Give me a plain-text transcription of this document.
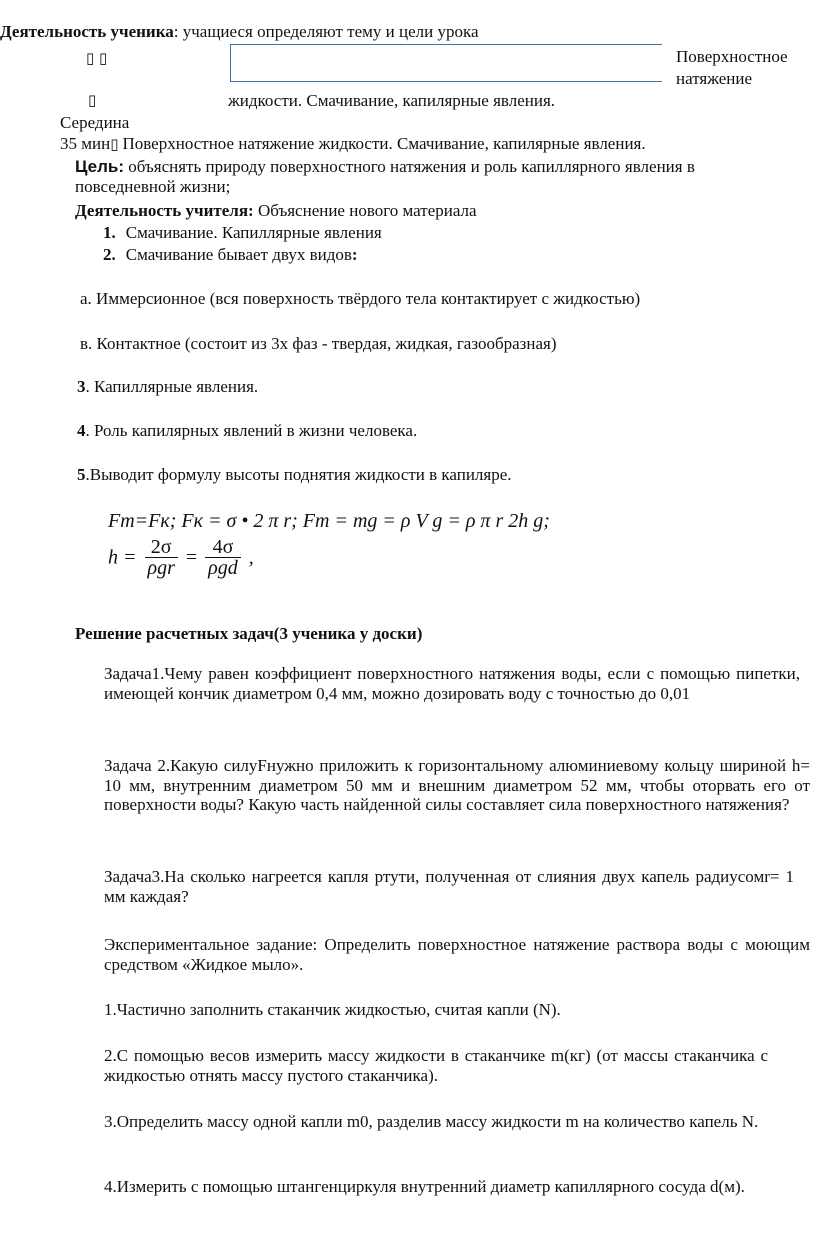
Деятельность ученика: учащиеся определяют тему и цели урока
▯ ▯
▯
Поверхностное
натяжение
жидкости. Смачивание, капилярные явления.
Середина
35 мин▯ Поверхностное натяжение жидкости. Смачивание, капилярные явления.
Цель: объяснять природу поверхностного натяжения и роль капиллярного явления в повседневной жизни;
Деятельность учителя: Объяснение нового материала
1. Смачивание. Капиллярные явления
2. Смачивание бывает двух видов:
а. Иммерсионное (вся поверхность твёрдого тела контактирует с жидкостью)
в. Контактное (состоит из 3х фаз - твердая, жидкая, газообразная)
3. Капиллярные явления.
4. Роль капилярных явлений в жизни человека.
5.Выводит формулу высоты поднятия жидкости в капиляре.
Fт=Fк; Fк = σ • 2 π r; Fт = mg = ρ V g = ρ π r 2h g;
$h = \frac{2\sigma}{\text{ρgr}} = \frac{4\sigma}{\text{ρgd}}$ ,
Решение расчетных задач(3 ученика у доски)
Задача1.Чему равен коэффициент поверхностного натяжения воды, если с помощью пипетки, имеющей кончик диаметром 0,4 мм, можно дозировать воду с точностью до 0,01
Задача 2.Какую силуFнужно приложить к горизонтальному алюминиевому кольцу шириной h= 10 мм, внутренним диаметром 50 мм и внешним диаметром 52 мм, чтобы оторвать его от поверхности воды? Какую часть найденной силы составляет сила поверхностного натяжения?
Задача3.На сколько нагреется капля ртути, полученная от слияния двух капель радиусомr= 1 мм каждая?
Экспериментальное задание: Определить поверхностное натяжение раствора воды с моющим средством «Жидкое мыло».
1.Частично заполнить стаканчик жидкостью, считая капли (N).
2.С помощью весов измерить массу жидкости в стаканчике m(кг) (от массы стаканчика с жидкостью отнять массу пустого стаканчика).
3.Определить массу одной капли m0, разделив массу жидкости m на количество капель N.
4.Измерить с помощью штангенциркуля внутренний диаметр капиллярного сосуда d(м).
